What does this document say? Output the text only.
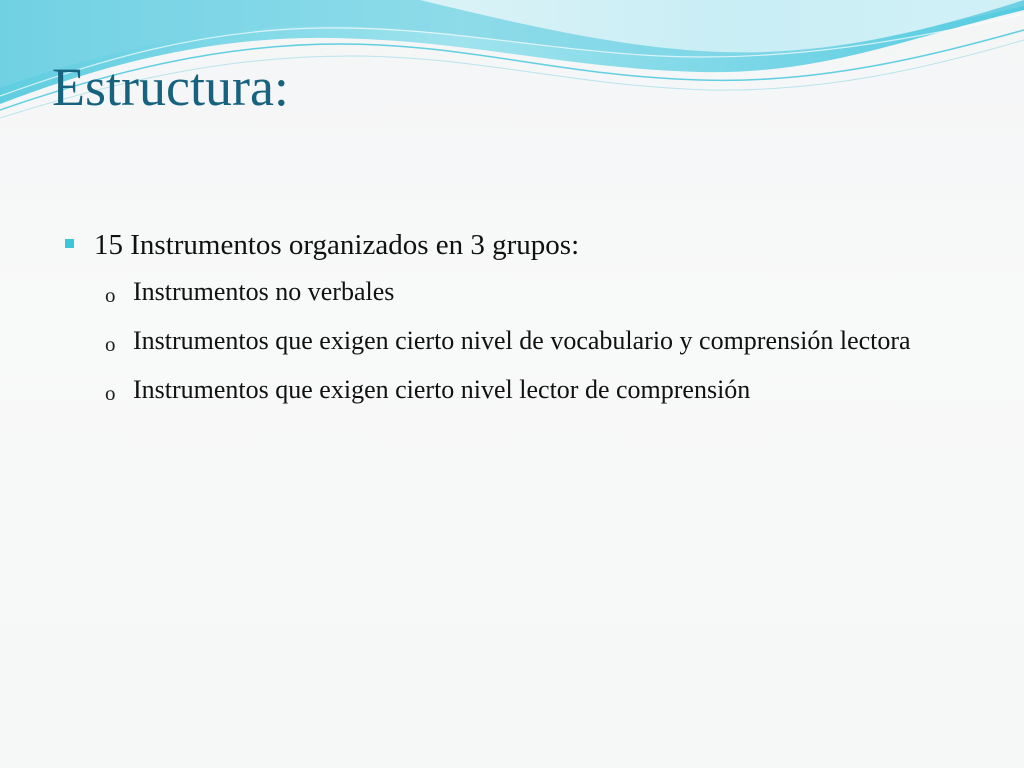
Estructura:
15 Instrumentos organizados en 3 grupos:
o Instrumentos no verbales
o Instrumentos que exigen cierto nivel de vocabulario y comprensión lectora
o Instrumentos que exigen cierto nivel lector de comprensión
